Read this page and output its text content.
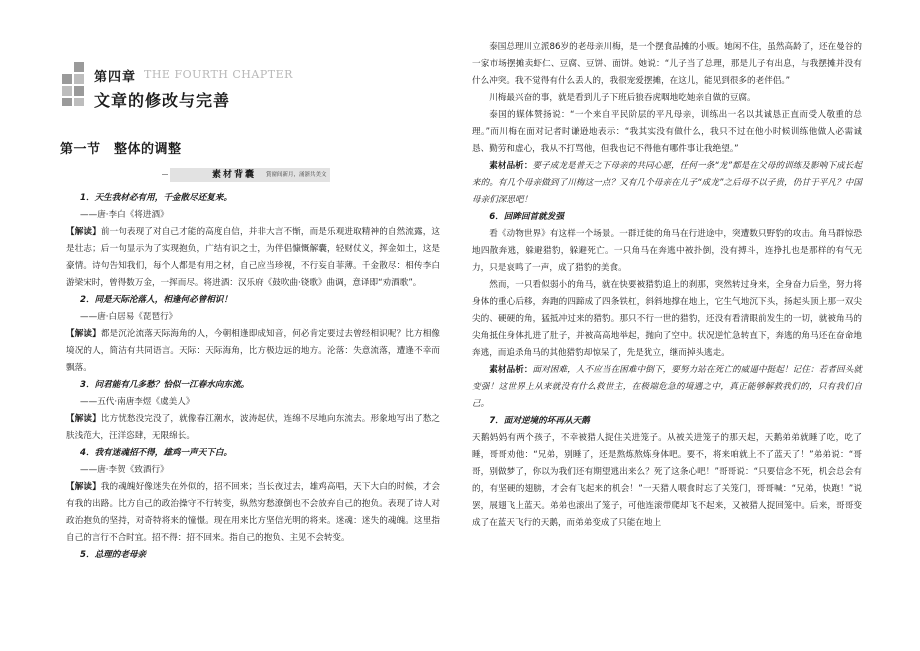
第四章 THE FOURTH CHAPTER
文章的修改与完善
第一节　整体的调整
素材背囊 賞窗间新月，涌浙共美文
1．天生我材必有用，千金散尽还复来。
——唐·李白《将进酒》
【解读】前一句表现了对自己才能的高度自信，并非大言不惭，而是乐观进取精神的自然流露，这是壮志；后一句显示为了实现抱负，广结有识之士，为伴侣慷慨解囊，轻财仗义，挥金如土，这是豪情。诗句告知我们，每个人都是有用之材，自己应当珍视，不行妄自菲薄。千金散尽：相传李白游梁宋时，曾得数万金，一挥而尽。将进酒：汉乐府《鼓吹曲·铙歌》曲调，意译即“劝酒歌”。
2．同是天际沦落人，相逢何必曾相识！
——唐·白居易《琵琶行》
【解读】都是沉沦流落天际海角的人，今朝相逢即成知音，何必肯定要过去曾经相识呢？比方相像境况的人，简洁有共同语言。天际：天际海角，比方极边远的地方。沦落：失意流落，遭逢不幸而飘落。
3．问君能有几多愁？恰似一江春水向东流。
——五代·南唐李煜《虞美人》
【解读】比方忧愁没完没了，就像春江潮水，波涛起伏，连绵不尽地向东流去。形象地写出了愁之肤浅范大，汪洋恣肆，无限绵长。
4．我有迷魂招不得，雄鸡一声天下白。
——唐·李贺《致酒行》
【解读】我的魂魄好像迷失在外似的，招不回来；当长夜过去，雄鸡高唱，天下大白的时候，才会有我的出路。比方自己的政治操守不行转变，纵然穷愁潦倒也不会放弃自己的抱负。表现了诗人对政治抱负的坚持，对奇特将来的憧憬。现在用来比方坚信光明的将来。迷魂：迷失的魂魄。这里指自己的言行不合时宜。招不得：招不回来。指自己的抱负、主见不会转变。
5．总理的老母亲
泰国总理川立派86岁的老母亲川梅，是一个摆食品摊的小贩。她闲不住，虽然高龄了，还在曼谷的一家市场摆摊卖虾仁、豆腐、豆饼、面饼。她说：“儿子当了总理，那是儿子有出息，与我摆摊并没有什么冲突。我不觉得有什么丢人的，我很宠爱摆摊，在这儿，能见到很多的老伴侣。”
川梅最兴奋的事，就是看到儿子下班后狼吞虎咽地吃她亲自做的豆腐。
泰国的媒体赞扬说：“一个来自平民阶层的平凡母亲，训练出一名以其诚恳正直而受人敬重的总理。”而川梅在面对记者时谦逊地表示：“我其实没有做什么，我只不过在他小时候训练他做人必需诚恳、勤劳和虚心，我从不打骂他，但我也记不得他有哪件事让我绝望。”
素材品析：要子成龙是普天之下母亲的共同心愿，任何一条“龙”都是在父母的训练及影响下成长起来的。有几个母亲做到了川梅这一点？又有几个母亲在儿子“成龙”之后母不以子贵，仍甘于平凡？中国母亲们深思吧！
6．回眸回首就发强
看《动物世界》有这样一个场景。一群迁徙的角马在行进途中，突遭数只野豹的攻击。角马群惊恐地四散奔逃，躲避猎豹，躲避死亡。一只角马在奔逃中被扑倒，没有搏斗，连挣扎也是那样的有气无力，只是哀鸣了一声，成了猎豹的美食。
然而，一只看似弱小的角马，就在快要被猎豹追上的刹那，突然转过身来，全身奋力后坐，努力将身体的重心后移，奔跑的四蹄成了四条铁杠，斜斜地撑在地上，它生气地沉下头，扬起头顶上那一双尖尖的、硬硬的角，猛抵冲过来的猎豹。那只不行一世的猎豹，还没有看清眼前发生的一切，就被角马的尖角抵住身体扎进了肚子，并被高高地举起，抛向了空中。状况逆忙急转直下，奔逃的角马还在奋命地奔逃，而追杀角马的其他猎豹却惊呆了，先是犹立，继而掉头逃走。
素材品析：面对困难，人不应当在困难中倒下，要努力站在死亡的威逼中挺起！记住：若者回头就变强！这世界上从来就没有什么救世主，在极端危急的境遇之中，真正能够解救我们的，只有我们自己。
7．面对逆境的坏再从天鹅
天鹅妈妈有两个孩子，不幸被猎人捉住关进笼子。从被关进笼子的那天起，天鹅弟弟就睡了吃，吃了睡，哥哥劝他：“兄弟，别睡了，还是熬炼熬炼身体吧。要不，将来咱就上不了蓝天了！”弟弟说：“哥哥，别做梦了，你以为我们还有期望逃出来么？死了这条心吧！”哥哥说：“只要信念不死，机会总会有的，有坚硬的翅膀，才会有飞起来的机会！”一天猎人喂食时忘了关笼门，哥哥喊：“兄弟，快跑！”说罢，展翅飞上蓝天。弟弟也滚出了笼子，可他连滚带爬却飞不起来，又被猎人捉回笼中。后来，哥哥变成了在蓝天飞行的天鹅，而弟弟变成了只能在地上
